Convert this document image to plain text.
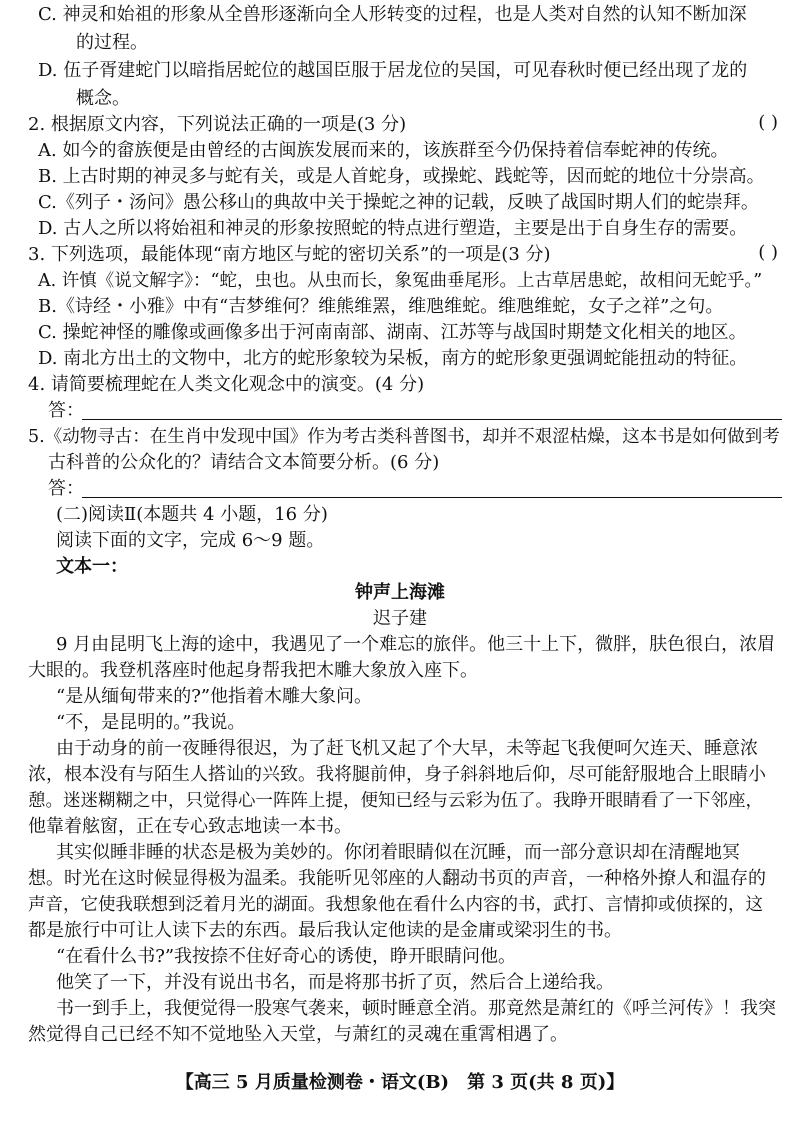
C. 神灵和始祖的形象从全兽形逐渐向全人形转变的过程，也是人类对自然的认知不断加深
的过程。
D. 伍子胥建蛇门以暗指居蛇位的越国臣服于居龙位的吴国，可见春秋时便已经出现了龙的
概念。
2. 根据原文内容，下列说法正确的一项是(3 分)	( )
A. 如今的畲族便是由曾经的古闽族发展而来的，该族群至今仍保持着信奉蛇神的传统。
B. 上古时期的神灵多与蛇有关，或是人首蛇身，或操蛇、践蛇等，因而蛇的地位十分崇高。
C.《列子・汤问》愚公移山的典故中关于操蛇之神的记载，反映了战国时期人们的蛇崇拜。
D. 古人之所以将始祖和神灵的形象按照蛇的特点进行塑造，主要是出于自身生存的需要。
3. 下列选项，最能体现“南方地区与蛇的密切关系”的一项是(3 分)	( )
A. 许慎《说文解字》：“蛇，虫也。从虫而长，象冤曲垂尾形。上古草居患蛇，故相问无蛇乎。”
B.《诗经・小雅》中有“吉梦维何？维熊维罴，维虺维蛇。维虺维蛇，女子之祥”之句。
C. 操蛇神怪的雕像或画像多出于河南南部、湖南、江苏等与战国时期楚文化相关的地区。
D. 南北方出土的文物中，北方的蛇形象较为呆板，南方的蛇形象更强调蛇能扭动的特征。
4. 请简要梳理蛇在人类文化观念中的演变。(4 分)
答：
5.《动物寻古：在生肖中发现中国》作为考古类科普图书，却并不艰涩枯燥，这本书是如何做到考
古科普的公众化的？请结合文本简要分析。(6 分)
答：
(二)阅读Ⅱ(本题共 4 小题，16 分)
阅读下面的文字，完成 6～9 题。
文本一：
钟声上海滩
迟子建
9 月由昆明飞上海的途中，我遇见了一个难忘的旅伴。他三十上下，微胖，肤色很白，浓眉
大眼的。我登机落座时他起身帮我把木雕大象放入座下。
“是从缅甸带来的?”他指着木雕大象问。
“不，是昆明的。”我说。
由于动身的前一夜睡得很迟，为了赶飞机又起了个大早，未等起飞我便呵欠连天、睡意浓
浓，根本没有与陌生人搭讪的兴致。我将腿前伸，身子斜斜地后仰，尽可能舒服地合上眼睛小
憩。迷迷糊糊之中，只觉得心一阵阵上提，便知已经与云彩为伍了。我睁开眼睛看了一下邻座，
他靠着舷窗，正在专心致志地读一本书。
其实似睡非睡的状态是极为美妙的。你闭着眼睛似在沉睡，而一部分意识却在清醒地冥
想。时光在这时候显得极为温柔。我能听见邻座的人翻动书页的声音，一种格外撩人和温存的
声音，它使我联想到泛着月光的湖面。我想象他在看什么内容的书，武打、言情抑或侦探的，这
都是旅行中可让人读下去的东西。最后我认定他读的是金庸或梁羽生的书。
“在看什么书?”我按捺不住好奇心的诱使，睁开眼睛问他。
他笑了一下，并没有说出书名，而是将那书折了页，然后合上递给我。
书一到手上，我便觉得一股寒气袭来，顿时睡意全消。那竟然是萧红的《呼兰河传》！我突
然觉得自己已经不知不觉地坠入天堂，与萧红的灵魂在重霄相遇了。
【高三 5 月质量检测卷・语文(B)　第 3 页(共 8 页)】
